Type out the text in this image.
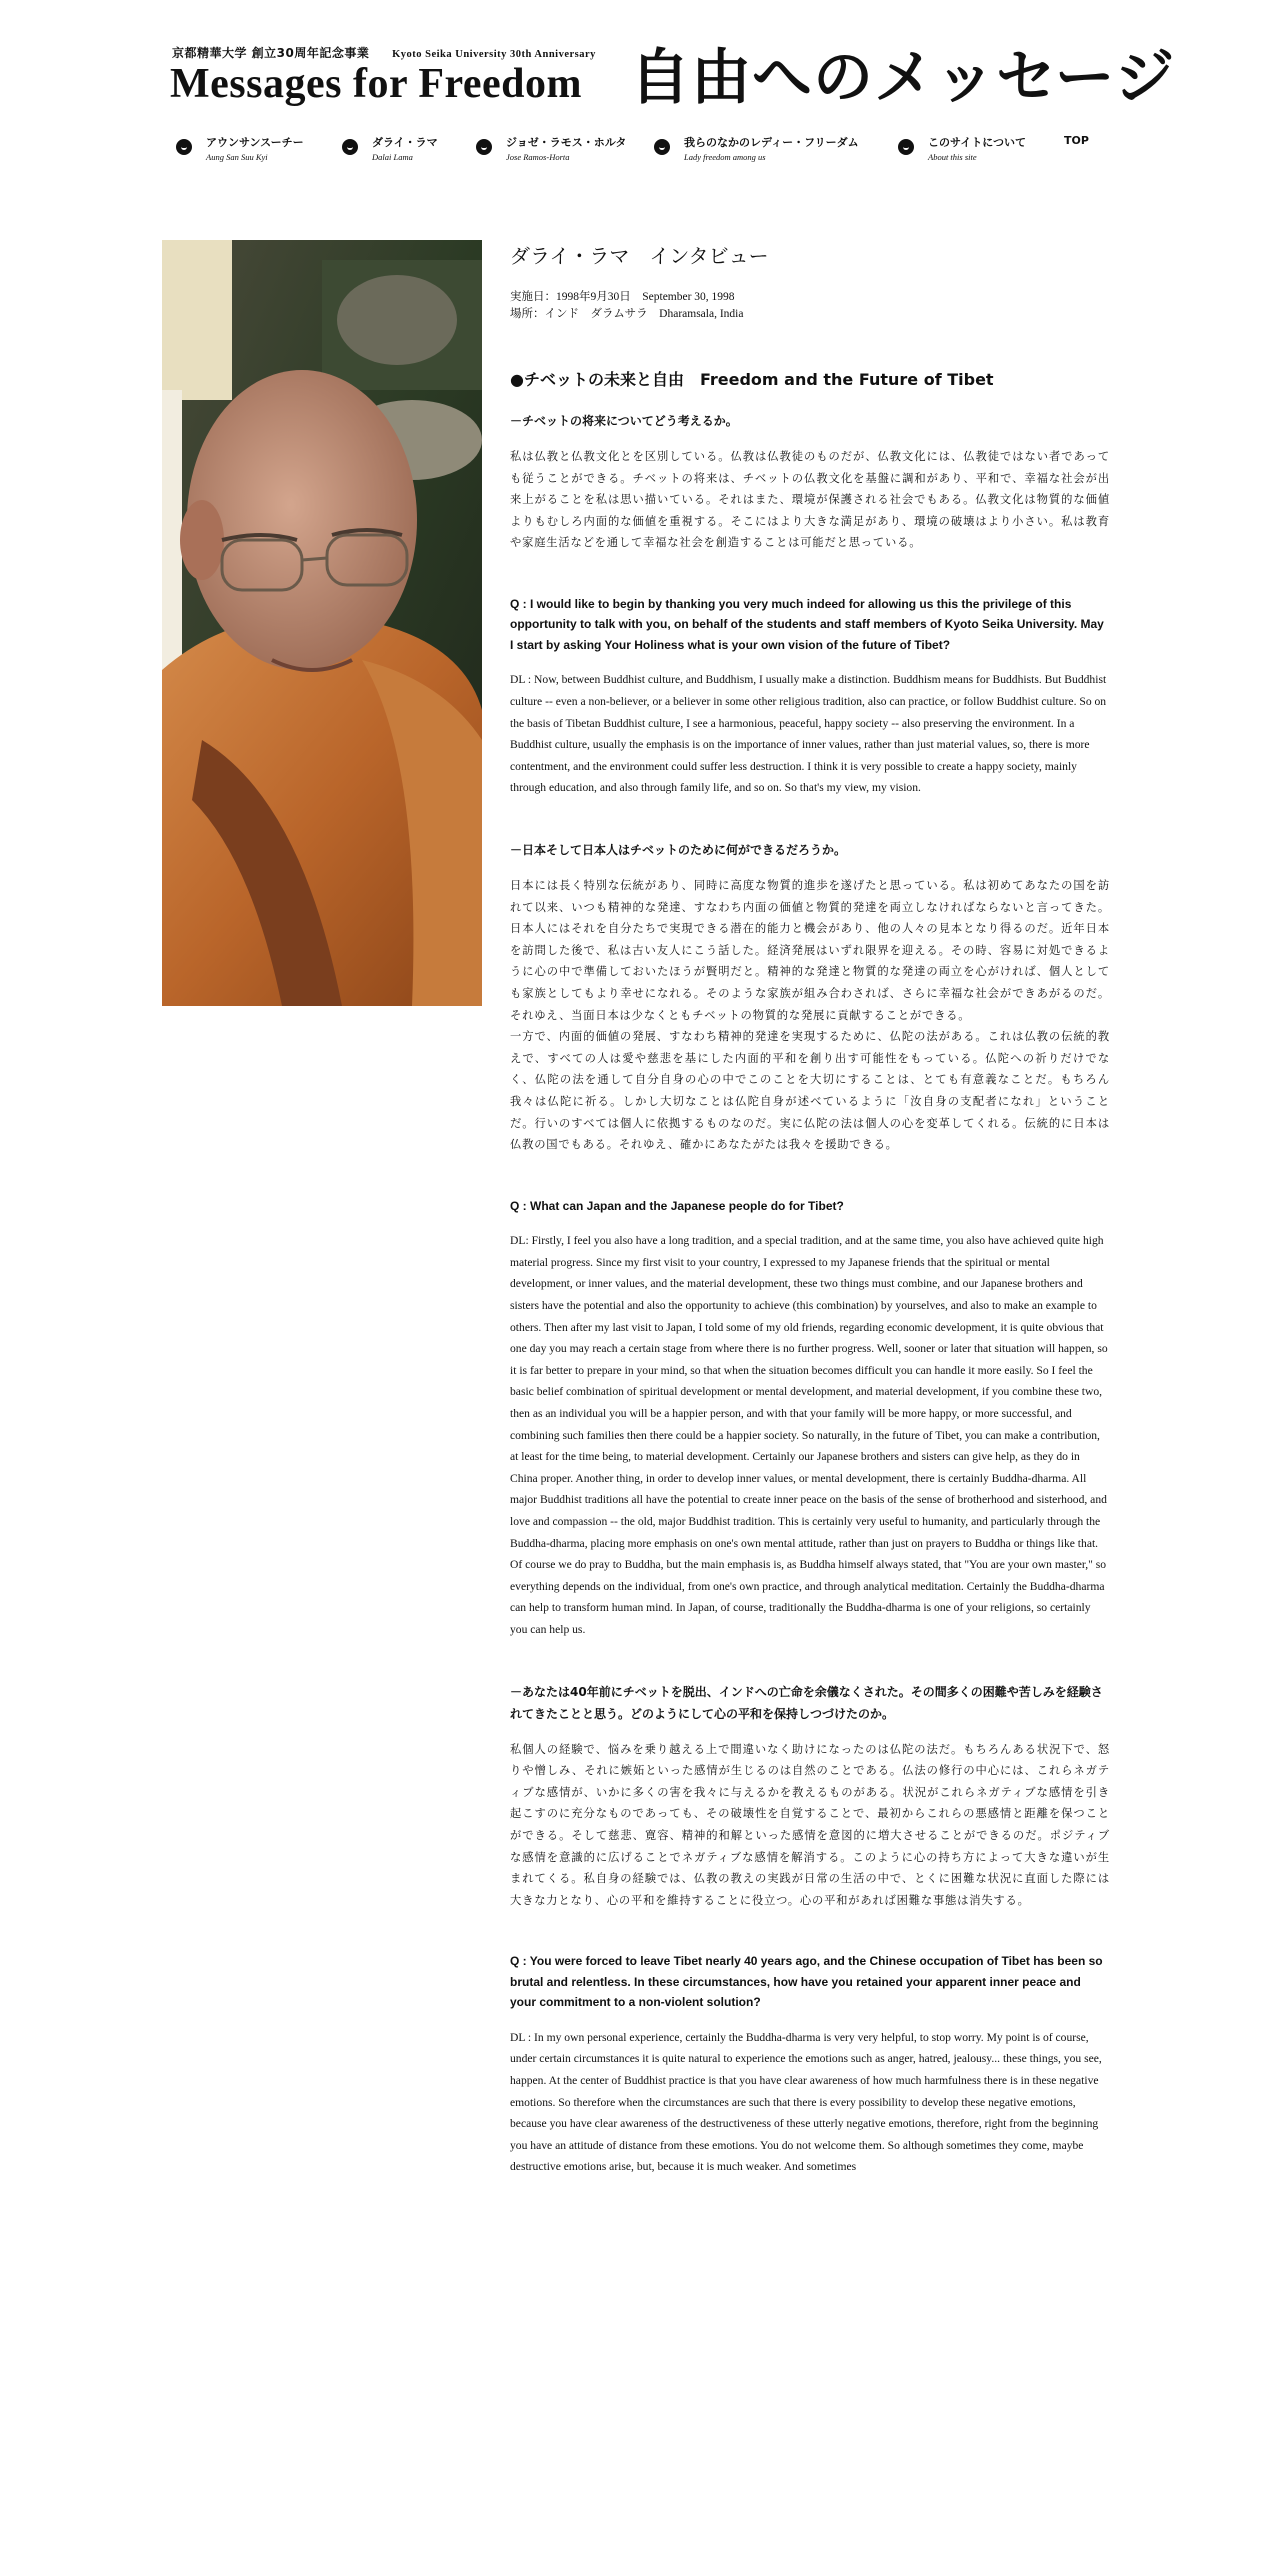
京都精華大学 創立30周年記念事業 Kyoto Seika University 30th Anniversary
Messages for Freedom 自由へのメッセージ
アウンサンスーチー
Aung San Suu Kyi
ダライ・ラマ
Dalai Lama
ジョゼ・ラモス・ホルタ
Jose Ramos-Horta
我らのなかのレディー・フリーダム
Lady freedom among us
このサイトについて
About this site
TOP
ダライ・ラマ　インタビュー
実施日：1998年9月30日　September 30, 1998
場所：インド　ダラムサラ　Dharamsala, India
●チベットの未来と自由　Freedom and the Future of Tibet
－チベットの将来についてどう考えるか。
私は仏教と仏教文化とを区別している。仏教は仏教徒のものだが、仏教文化には、仏教徒ではない者であっても従うことができる。チベットの将来は、チベットの仏教文化を基盤に調和があり、平和で、幸福な社会が出来上がることを私は思い描いている。それはまた、環境が保護される社会でもある。仏教文化は物質的な価値よりもむしろ内面的な価値を重視する。そこにはより大きな満足があり、環境の破壊はより小さい。私は教育や家庭生活などを通して幸福な社会を創造することは可能だと思っている。
Q : I would like to begin by thanking you very much indeed for allowing us this the privilege of this opportunity to talk with you, on behalf of the students and staff members of Kyoto Seika University. May I start by asking Your Holiness what is your own vision of the future of Tibet?
DL : Now, between Buddhist culture, and Buddhism, I usually make a distinction. Buddhism means for Buddhists. But Buddhist culture -- even a non-believer, or a believer in some other religious tradition, also can practice, or follow Buddhist culture. So on the basis of Tibetan Buddhist culture, I see a harmonious, peaceful, happy society -- also preserving the environment. In a Buddhist culture, usually the emphasis is on the importance of inner values, rather than just material values, so, there is more contentment, and the environment could suffer less destruction. I think it is very possible to create a happy society, mainly through education, and also through family life, and so on. So that's my view, my vision.
－日本そして日本人はチベットのために何ができるだろうか。
日本には長く特別な伝統があり、同時に高度な物質的進歩を遂げたと思っている。私は初めてあなたの国を訪れて以来、いつも精神的な発達、すなわち内面の価値と物質的発達を両立しなければならないと言ってきた。日本人にはそれを自分たちで実現できる潜在的能力と機会があり、他の人々の見本となり得るのだ。近年日本を訪問した後で、私は古い友人にこう話した。経済発展はいずれ限界を迎える。その時、容易に対処できるように心の中で準備しておいたほうが賢明だと。精神的な発達と物質的な発達の両立を心がければ、個人としても家族としてもより幸せになれる。そのような家族が組み合わされば、さらに幸福な社会ができあがるのだ。それゆえ、当面日本は少なくともチベットの物質的な発展に貢献することができる。
一方で、内面的価値の発展、すなわち精神的発達を実現するために、仏陀の法がある。これは仏教の伝統的教えで、すべての人は愛や慈悲を基にした内面的平和を創り出す可能性をもっている。仏陀への祈りだけでなく、仏陀の法を通して自分自身の心の中でこのことを大切にすることは、とても有意義なことだ。もちろん我々は仏陀に祈る。しかし大切なことは仏陀自身が述べているように「汝自身の支配者になれ」ということだ。行いのすべては個人に依拠するものなのだ。実に仏陀の法は個人の心を変革してくれる。伝統的に日本は仏教の国でもある。それゆえ、確かにあなたがたは我々を援助できる。
Q : What can Japan and the Japanese people do for Tibet?
DL: Firstly, I feel you also have a long tradition, and a special tradition, and at the same time, you also have achieved quite high material progress. Since my first visit to your country, I expressed to my Japanese friends that the spiritual or mental development, or inner values, and the material development, these two things must combine, and our Japanese brothers and sisters have the potential and also the opportunity to achieve (this combination) by yourselves, and also to make an example to others. Then after my last visit to Japan, I told some of my old friends, regarding economic development, it is quite obvious that one day you may reach a certain stage from where there is no further progress. Well, sooner or later that situation will happen, so it is far better to prepare in your mind, so that when the situation becomes difficult you can handle it more easily. So I feel the basic belief combination of spiritual development or mental development, and material development, if you combine these two, then as an individual you will be a happier person, and with that your family will be more happy, or more successful, and combining such families then there could be a happier society. So naturally, in the future of Tibet, you can make a contribution, at least for the time being, to material development. Certainly our Japanese brothers and sisters can give help, as they do in China proper. Another thing, in order to develop inner values, or mental development, there is certainly Buddha-dharma. All major Buddhist traditions all have the potential to create inner peace on the basis of the sense of brotherhood and sisterhood, and love and compassion -- the old, major Buddhist tradition. This is certainly very useful to humanity, and particularly through the Buddha-dharma, placing more emphasis on one's own mental attitude, rather than just on prayers to Buddha or things like that. Of course we do pray to Buddha, but the main emphasis is, as Buddha himself always stated, that "You are your own master," so everything depends on the individual, from one's own practice, and through analytical meditation. Certainly the Buddha-dharma can help to transform human mind. In Japan, of course, traditionally the Buddha-dharma is one of your religions, so certainly you can help us.
－あなたは40年前にチベットを脱出、インドへの亡命を余儀なくされた。その間多くの困難や苦しみを経験されてきたことと思う。どのようにして心の平和を保持しつづけたのか。
私個人の経験で、悩みを乗り越える上で間違いなく助けになったのは仏陀の法だ。もちろんある状況下で、怒りや憎しみ、それに嫉妬といった感情が生じるのは自然のことである。仏法の修行の中心には、これらネガティブな感情が、いかに多くの害を我々に与えるかを教えるものがある。状況がこれらネガティブな感情を引き起こすのに充分なものであっても、その破壊性を自覚することで、最初からこれらの悪感情と距離を保つことができる。そして慈悲、寛容、精神的和解といった感情を意図的に増大させることができるのだ。ポジティブな感情を意識的に広げることでネガティブな感情を解消する。このように心の持ち方によって大きな違いが生まれてくる。私自身の経験では、仏教の教えの実践が日常の生活の中で、とくに困難な状況に直面した際には大きな力となり、心の平和を維持することに役立つ。心の平和があれば困難な事態は消失する。
Q : You were forced to leave Tibet nearly 40 years ago, and the Chinese occupation of Tibet has been so brutal and relentless. In these circumstances, how have you retained your apparent inner peace and your commitment to a non-violent solution?
DL : In my own personal experience, certainly the Buddha-dharma is very very helpful, to stop worry. My point is of course, under certain circumstances it is quite natural to experience the emotions such as anger, hatred, jealousy... these things, you see, happen. At the center of Buddhist practice is that you have clear awareness of how much harmfulness there is in these negative emotions. So therefore when the circumstances are such that there is every possibility to develop these negative emotions, because you have clear awareness of the destructiveness of these utterly negative emotions, therefore, right from the beginning you have an attitude of distance from these emotions. You do not welcome them. So although sometimes they come, maybe destructive emotions arise, but, because it is much weaker. And sometimes
